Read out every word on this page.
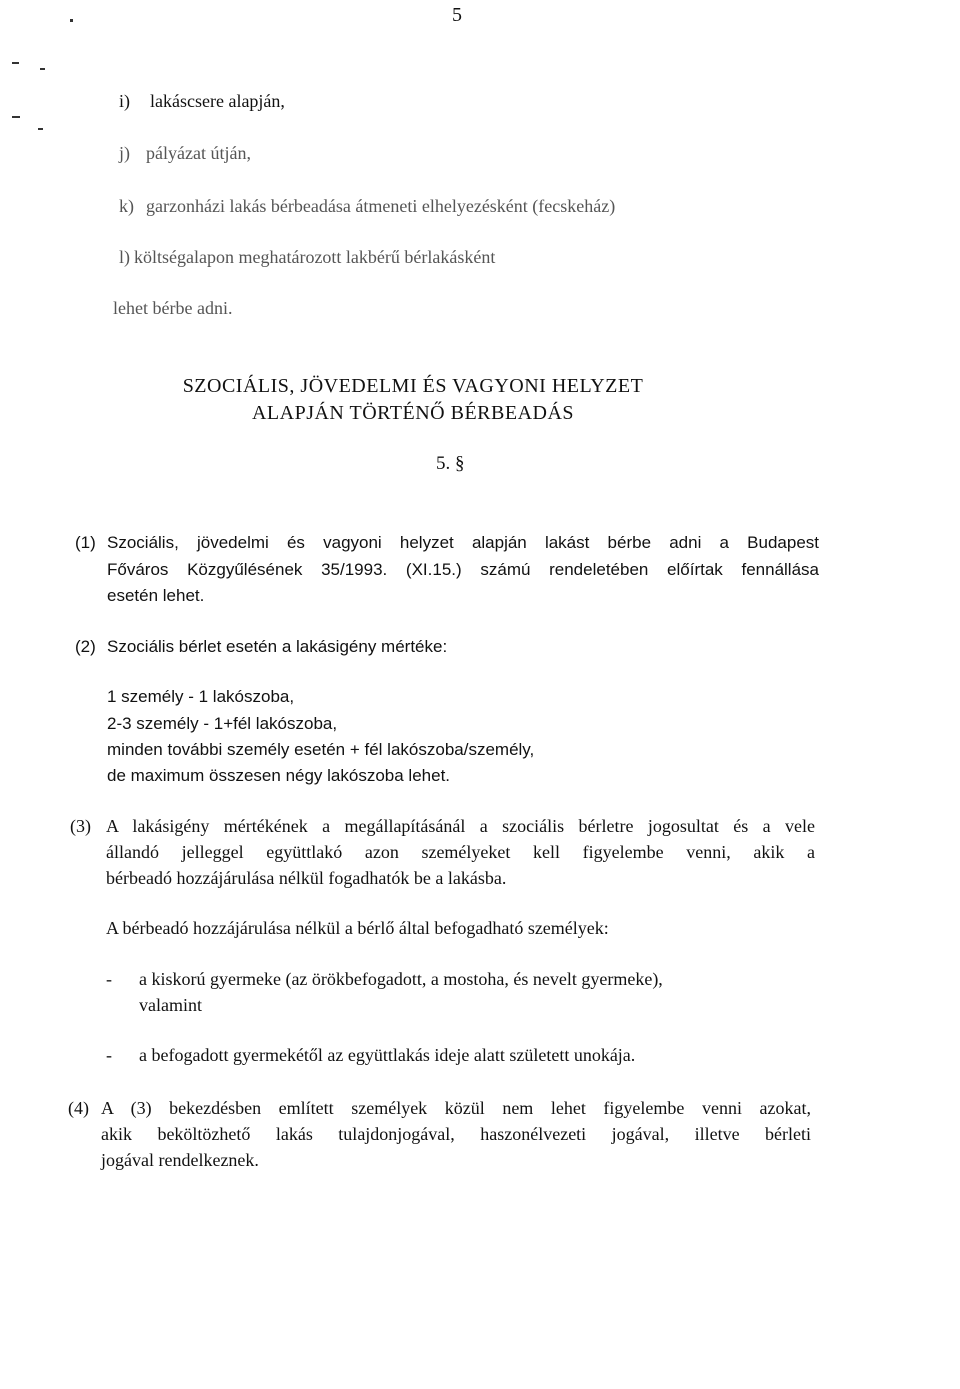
5
i) lakáscsere alapján,
j) pályázat útján,
k) garzonházi lakás bérbeadása átmeneti elhelyezésként (fecskeház)
l) költségalapon meghatározott lakbérű bérlakásként
lehet bérbe adni.
SZOCIÁLIS, JÖVEDELMI ÉS VAGYONI HELYZET
ALAPJÁN TÖRTÉNŐ BÉRBEADÁS
5. §
(1) Szociális, jövedelmi és vagyoni helyzet alapján lakást bérbe adni a Budapest
Főváros Közgyűlésének 35/1993. (XI.15.) számú rendeletében előírtak fennállása
esetén lehet.
(2) Szociális bérlet esetén a lakásigény mértéke:
1 személy - 1 lakószoba,
2-3 személy - 1+fél lakószoba,
minden további személy esetén + fél lakószoba/személy,
de maximum összesen négy lakószoba lehet.
(3) A lakásigény mértékének a megállapításánál a szociális bérletre jogosultat és a vele
állandó jelleggel együttlakó azon személyeket kell figyelembe venni, akik a
bérbeadó hozzájárulása nélkül fogadhatók be a lakásba.
A bérbeadó hozzájárulása nélkül a bérlő által befogadható személyek:
- a kiskorú gyermeke (az örökbefogadott, a mostoha, és nevelt gyermeke),
valamint
- a befogadott gyermekétől az együttlakás ideje alatt született unokája.
(4) A (3) bekezdésben említett személyek közül nem lehet figyelembe venni azokat,
akik beköltözhető lakás tulajdonjogával, haszonélvezeti jogával, illetve bérleti
jogával rendelkeznek.
